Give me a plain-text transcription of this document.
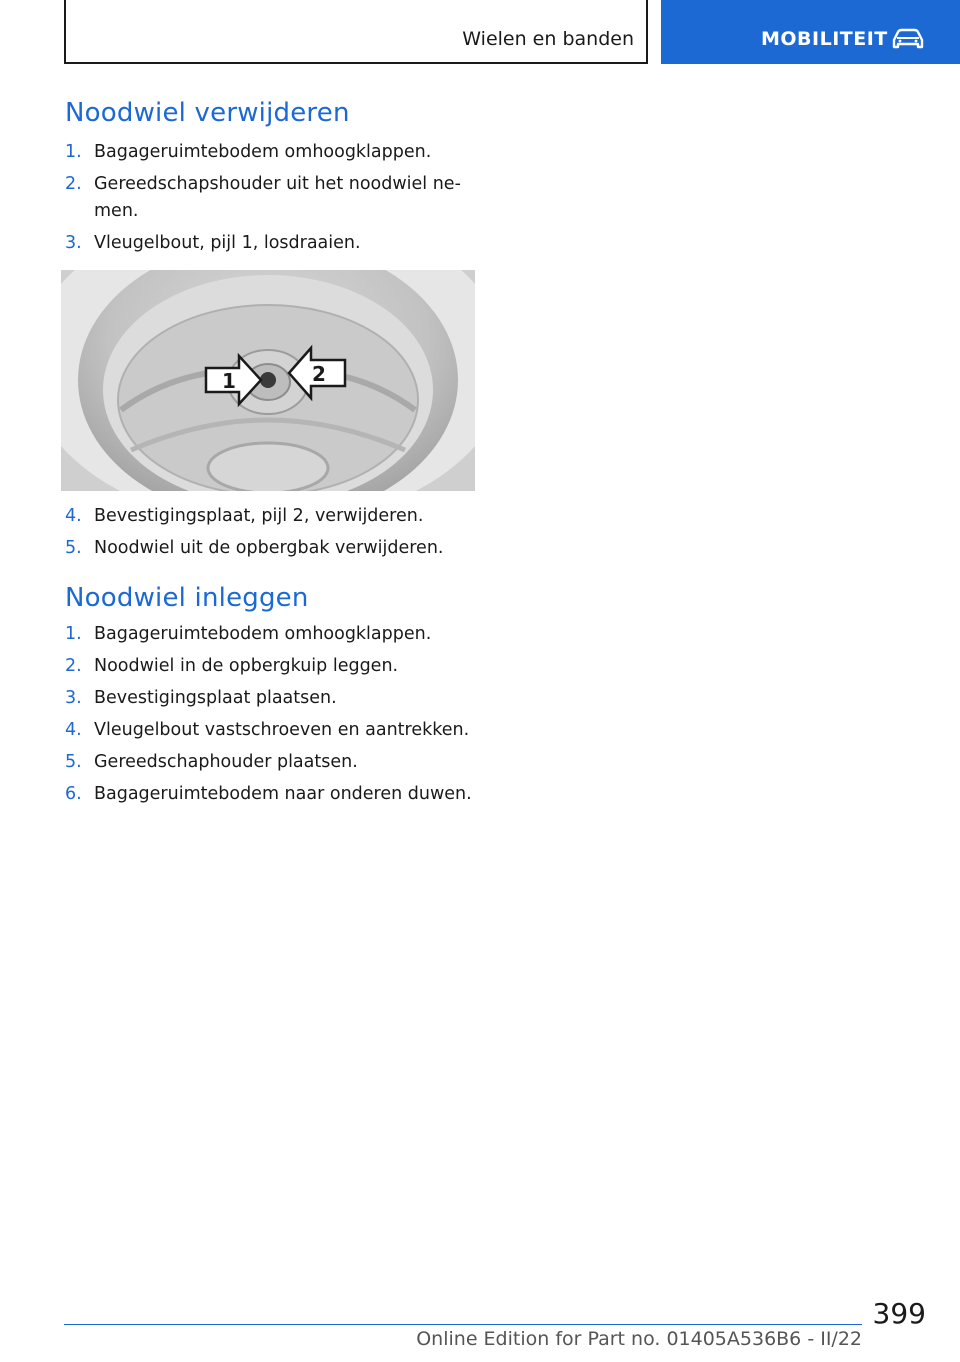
Wielen en banden	MOBILITEIT
Noodwiel verwijderen
1. Bagageruimtebodem omhoogklappen.
2. Gereedschapshouder uit het noodwiel ne‐ men.
3. Vleugelbout, pijl 1, losdraaien.
1	2
4. Bevestigingsplaat, pijl 2, verwijderen.
5. Noodwiel uit de opbergbak verwijderen.
Noodwiel inleggen
1. Bagageruimtebodem omhoogklappen.
2. Noodwiel in de opbergkuip leggen.
3. Bevestigingsplaat plaatsen.
4. Vleugelbout vastschroeven en aantrekken.
5. Gereedschaphouder plaatsen.
6. Bagageruimtebodem naar onderen duwen.
399
Online Edition for Part no. 01405A536B6 - II/22
